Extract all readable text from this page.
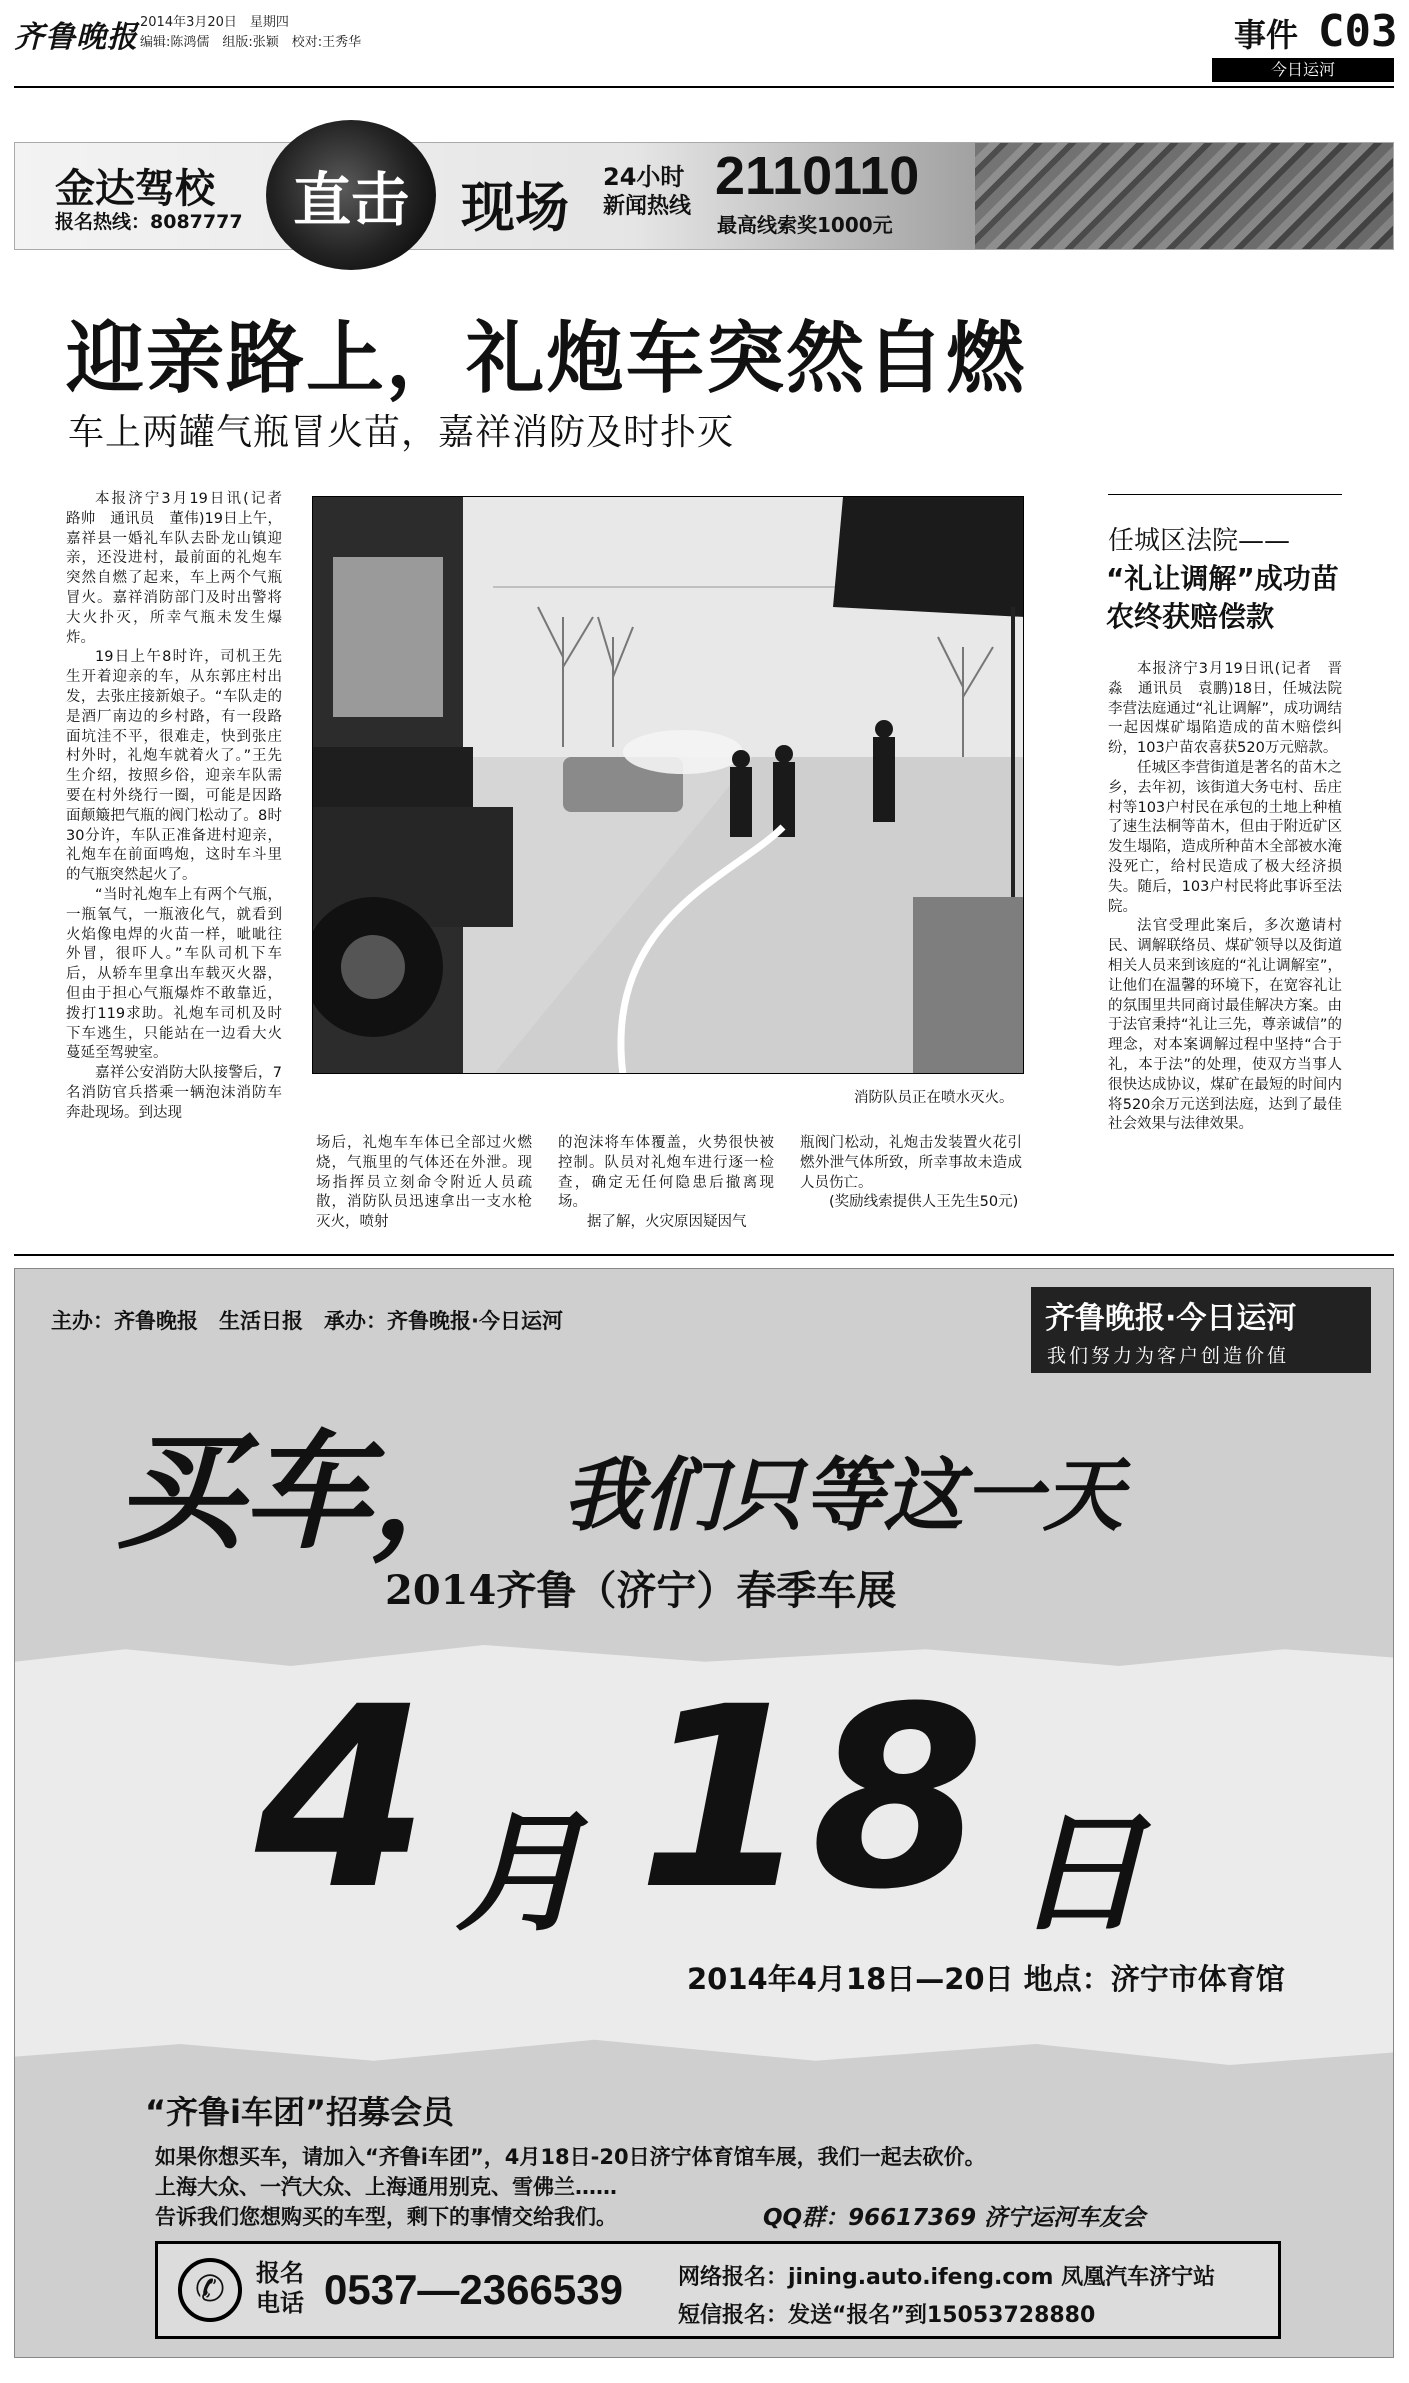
齐鲁晚报 2014年3月20日　星期四
编辑:陈鸿儒　组版:张颖　校对:王秀华	事件 C03
今日运河
金达驾校
报名热线：8087777	现场 24小时
新闻热线
2110110
最高线索奖1000元
直击
迎亲路上，礼炮车突然自燃
车上两罐气瓶冒火苗，嘉祥消防及时扑灭

本报济宁3月19日讯(记者　路帅　通讯员　董伟)19日上午，嘉祥县一婚礼车队去卧龙山镇迎亲，还没进村，最前面的礼炮车突然自燃了起来，车上两个气瓶冒火。嘉祥消防部门及时出警将大火扑灭，所幸气瓶未发生爆炸。

19日上午8时许，司机王先生开着迎亲的车，从东郭庄村出发，去张庄接新娘子。“车队走的是酒厂南边的乡村路，有一段路面坑洼不平，很难走，快到张庄村外时，礼炮车就着火了。”王先生介绍，按照乡俗，迎亲车队需要在村外绕行一圈，可能是因路面颠簸把气瓶的阀门松动了。8时30分许，车队正准备进村迎亲，礼炮车在前面鸣炮，这时车斗里的气瓶突然起火了。

“当时礼炮车上有两个气瓶，一瓶氧气，一瓶液化气，就看到火焰像电焊的火苗一样，呲呲往外冒，很吓人。”车队司机下车后，从轿车里拿出车载灭火器，但由于担心气瓶爆炸不敢靠近，拨打119求助。礼炮车司机及时下车逃生，只能站在一边看大火蔓延至驾驶室。

嘉祥公安消防大队接警后，7名消防官兵搭乘一辆泡沫消防车奔赴现场。到达现

消防队员正在喷水灭火。

场后，礼炮车车体已全部过火燃烧，气瓶里的气体还在外泄。现场指挥员立刻命令附近人员疏散，消防队员迅速拿出一支水枪灭火，喷射

的泡沫将车体覆盖，火势很快被控制。队员对礼炮车进行逐一检查，确定无任何隐患后撤离现场。

据了解，火灾原因疑因气

瓶阀门松动，礼炮击发装置火花引燃外泄气体所致，所幸事故未造成人员伤亡。

(奖励线索提供人王先生50元)

任城区法院——
“礼让调解”成功苗农终获赔偿款

本报济宁3月19日讯(记者　晋淼　通讯员　袁鹏)18日，任城法院李营法庭通过“礼让调解”，成功调结一起因煤矿塌陷造成的苗木赔偿纠纷，103户苗农喜获520万元赔款。

任城区李营街道是著名的苗木之乡，去年初，该街道大务屯村、岳庄村等103户村民在承包的土地上种植了速生法桐等苗木，但由于附近矿区发生塌陷，造成所种苗木全部被水淹没死亡，给村民造成了极大经济损失。随后，103户村民将此事诉至法院。

法官受理此案后，多次邀请村民、调解联络员、煤矿领导以及街道相关人员来到该庭的“礼让调解室”，让他们在温馨的环境下，在宽容礼让的氛围里共同商讨最佳解决方案。由于法官秉持“礼让三先，尊亲诚信”的理念，对本案调解过程中坚持“合于礼，本于法”的处理，使双方当事人很快达成协议，煤矿在最短的时间内将520余万元送到法庭，达到了最佳社会效果与法律效果。

主办：齐鲁晚报　生活日报　承办：齐鲁晚报·今日运河	齐鲁晚报·今日运河
我们努力为客户创造价值
买车， 我们只等这一天
2014齐鲁（济宁）春季车展
4 月 18 日
2014年4月18日—20日 地点：济宁市体育馆
“齐鲁i车团”招募会员
如果你想买车，请加入“齐鲁i车团”，4月18日-20日济宁体育馆车展，我们一起去砍价。
上海大众、一汽大众、上海通用别克、雪佛兰……
告诉我们您想购买的车型，剩下的事情交给我们。	QQ群：96617369 济宁运河车友会
✆	报名电话 0537—2366539	网络报名：jining.auto.ifeng.com 凤凰汽车济宁站
短信报名：发送“报名”到15053728880
